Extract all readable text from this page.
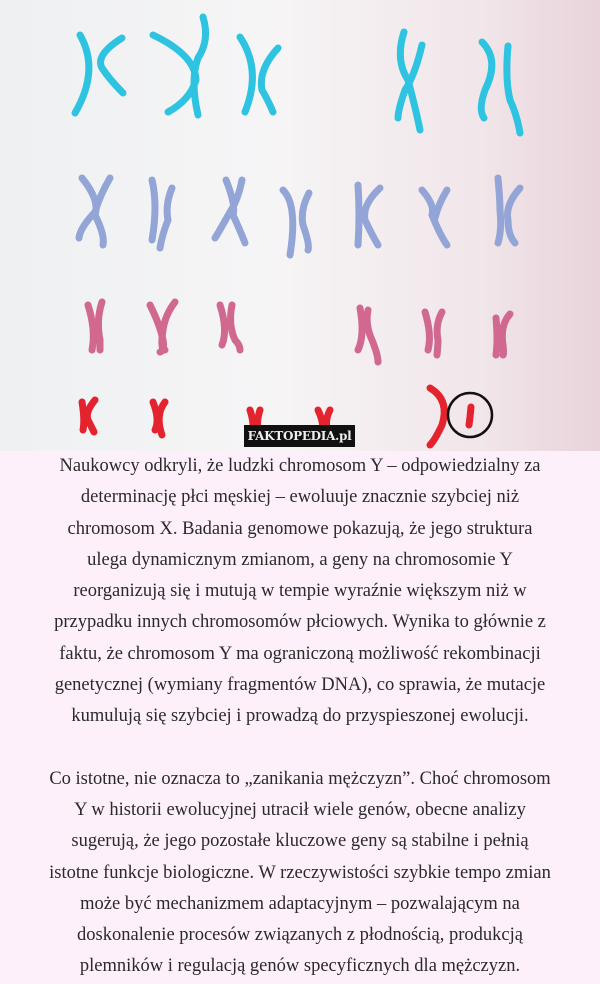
FAKTOPEDIA.pl

Naukowcy odkryli, że ludzki chromosom Y – odpowiedzialny za
determinację płci męskiej – ewoluuje znacznie szybciej niż
chromosom X. Badania genomowe pokazują, że jego struktura
ulega dynamicznym zmianom, a geny na chromosomie Y
reorganizują się i mutują w tempie wyraźnie większym niż w
przypadku innych chromosomów płciowych. Wynika to głównie z
faktu, że chromosom Y ma ograniczoną możliwość rekombinacji
genetycznej (wymiany fragmentów DNA), co sprawia, że mutacje
kumulują się szybciej i prowadzą do przyspieszonej ewolucji.

Co istotne, nie oznacza to „zanikania mężczyzn”. Choć chromosom
Y w historii ewolucyjnej utracił wiele genów, obecne analizy
sugerują, że jego pozostałe kluczowe geny są stabilne i pełnią
istotne funkcje biologiczne. W rzeczywistości szybkie tempo zmian
może być mechanizmem adaptacyjnym – pozwalającym na
doskonalenie procesów związanych z płodnością, produkcją
plemników i regulacją genów specyficznych dla mężczyzn.
